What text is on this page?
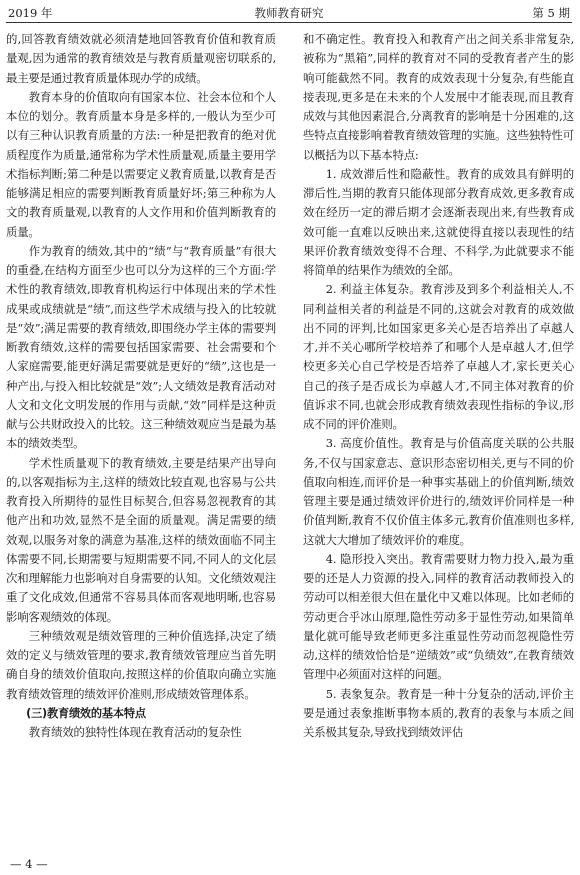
2019 年	教师教育研究	第 5 期

的,回答教育绩效就必须清楚地回答教育价值和教育质量观,因为通常的教育绩效是与教育质量观密切联系的,最主要是通过教育质量体现办学的成绩。

教育本身的价值取向有国家本位、社会本位和个人本位的划分。教育质量本身是多样的,一般认为至少可以有三种认识教育质量的方法:一种是把教育的绝对优质程度作为质量,通常称为学术性质量观,质量主要用学术指标判断;第二种是以需要定义教育质量,以教育是否能够满足相应的需要判断教育质量好坏;第三种称为人文的教育质量观,以教育的人文作用和价值判断教育的质量。

作为教育的绩效,其中的“绩”与“教育质量”有很大的重叠,在结构方面至少也可以分为这样的三个方面:学术性的教育绩效,即教育机构运行中体现出来的学术性成果或成绩就是“绩”,而这些学术成绩与投入的比较就是“效”;满足需要的教育绩效,即围绕办学主体的需要判断教育绩效,这样的需要包括国家需要、社会需要和个人家庭需要,能更好满足需要就是更好的“绩”,这也是一种产出,与投入相比较就是“效”;人文绩效是教育活动对人文和文化文明发展的作用与贡献,“效”同样是这种贡献与公共财政投入的比较。这三种绩效观应当是最为基本的绩效类型。

学术性质量观下的教育绩效,主要是结果产出导向的,以客观指标为主,这样的绩效比较直观,也容易与公共教育投入所期待的显性目标契合,但容易忽视教育的其他产出和功效,显然不是全面的质量观。满足需要的绩效观,以服务对象的满意为基准,这样的绩效面临不同主体需要不同,长期需要与短期需要不同,不同人的文化层次和理解能力也影响对自身需要的认知。文化绩效观注重了文化成效,但通常不容易具体而客观地明晰,也容易影响客观绩效的体现。

三种绩效观是绩效管理的三种价值选择,决定了绩效的定义与绩效管理的要求,教育绩效管理应当首先明确自身的绩效价值取向,按照这样的价值取向确立实施教育绩效管理的绩效评价准则,形成绩效管理体系。

(三)教育绩效的基本特点

教育绩效的独特性体现在教育活动的复杂性

和不确定性。教育投入和教育产出之间关系非常复杂,被称为“黑箱”,同样的教育对不同的受教育者产生的影响可能截然不同。教育的成效表现十分复杂,有些能直接表现,更多是在未来的个人发展中才能表现,而且教育成效与其他因素混合,分离教育的影响是十分困难的,这些特点直接影响着教育绩效管理的实施。这些独特性可以概括为以下基本特点:

1. 成效滞后性和隐蔽性。教育的成效具有鲜明的滞后性,当期的教育只能体现部分教育成效,更多教育成效在经历一定的滞后期才会逐渐表现出来,有些教育成效可能一直难以反映出来,这就使得直接以表现性的结果评价教育绩效变得不合理、不科学,为此就要求不能将简单的结果作为绩效的全部。

2. 利益主体复杂。教育涉及到多个利益相关人,不同利益相关者的利益是不同的,这就会对教育的成效做出不同的评判,比如国家更多关心是否培养出了卓越人才,并不关心哪所学校培养了和哪个人是卓越人才,但学校更多关心自己学校是否培养了卓越人才,家长更关心自己的孩子是否成长为卓越人才,不同主体对教育的价值诉求不同,也就会形成教育绩效表现性指标的争议,形成不同的评价准则。

3. 高度价值性。教育是与价值高度关联的公共服务,不仅与国家意志、意识形态密切相关,更与不同的价值取向相连,而评价是一种事实基础上的价值判断,绩效管理主要是通过绩效评价进行的,绩效评价同样是一种价值判断,教育不仅价值主体多元,教育价值准则也多样,这就大大增加了绩效评价的难度。

4. 隐形投入突出。教育需要财力物力投入,最为重要的还是人力资源的投入,同样的教育活动教师投入的劳动可以相差很大但在量化中又难以体现。比如老师的劳动更合乎冰山原理,隐性劳动多于显性劳动,如果简单量化就可能导致老师更多注重显性劳动而忽视隐性劳动,这样的绩效恰恰是“逆绩效”或“负绩效”,在教育绩效管理中必须面对这样的问题。

5. 表象复杂。教育是一种十分复杂的活动,评价主要是通过表象推断事物本质的,教育的表象与本质之间关系极其复杂,导致找到绩效评估

— 4 —
